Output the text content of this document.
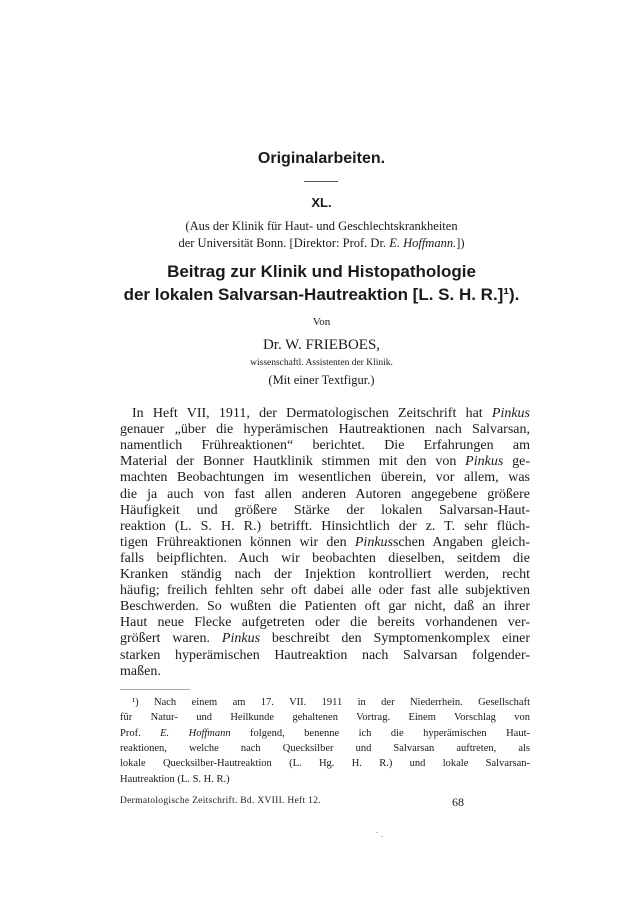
Originalarbeiten.
XL.
(Aus der Klinik für Haut- und Geschlechtskrankheiten
der Universität Bonn. [Direktor: Prof. Dr. E. Hoffmann.])
Beitrag zur Klinik und Histopathologie
der lokalen Salvarsan-Hautreaktion [L. S. H. R.]¹).
Von
Dr. W. FRIEBOES,
wissenschaftl. Assistenten der Klinik.
(Mit einer Textfigur.)
In Heft VII, 1911, der Dermatologischen Zeitschrift hat Pinkus
genauer „über die hyperämischen Hautreaktionen nach Salvarsan,
namentlich Frühreaktionen“ berichtet. Die Erfahrungen am
Material der Bonner Hautklinik stimmen mit den von Pinkus ge-
machten Beobachtungen im wesentlichen überein, vor allem, was
die ja auch von fast allen anderen Autoren angegebene größere
Häufigkeit und größere Stärke der lokalen Salvarsan-Haut-
reaktion (L. S. H. R.) betrifft. Hinsichtlich der z. T. sehr flüch-
tigen Frühreaktionen können wir den Pinkusschen Angaben gleich-
falls beipflichten. Auch wir beobachten dieselben, seitdem die
Kranken ständig nach der Injektion kontrolliert werden, recht
häufig; freilich fehlten sehr oft dabei alle oder fast alle subjektiven
Beschwerden. So wußten die Patienten oft gar nicht, daß an ihrer
Haut neue Flecke aufgetreten oder die bereits vorhandenen ver-
größert waren. Pinkus beschreibt den Symptomenkomplex einer
starken hyperämischen Hautreaktion nach Salvarsan folgender-
maßen.
¹) Nach einem am 17. VII. 1911 in der Niederrhein. Gesellschaft
für Natur- und Heilkunde gehaltenen Vortrag. Einem Vorschlag von
Prof. E. Hoffmann folgend, benenne ich die hyperämischen Haut-
reaktionen, welche nach Quecksilber und Salvarsan auftreten, als
lokale Quecksilber-Hautreaktion (L. Hg. H. R.) und lokale Salvarsan-
Hautreaktion (L. S. H. R.)
Dermatologische Zeitschrift. Bd. XVIII. Heft 12.	68
